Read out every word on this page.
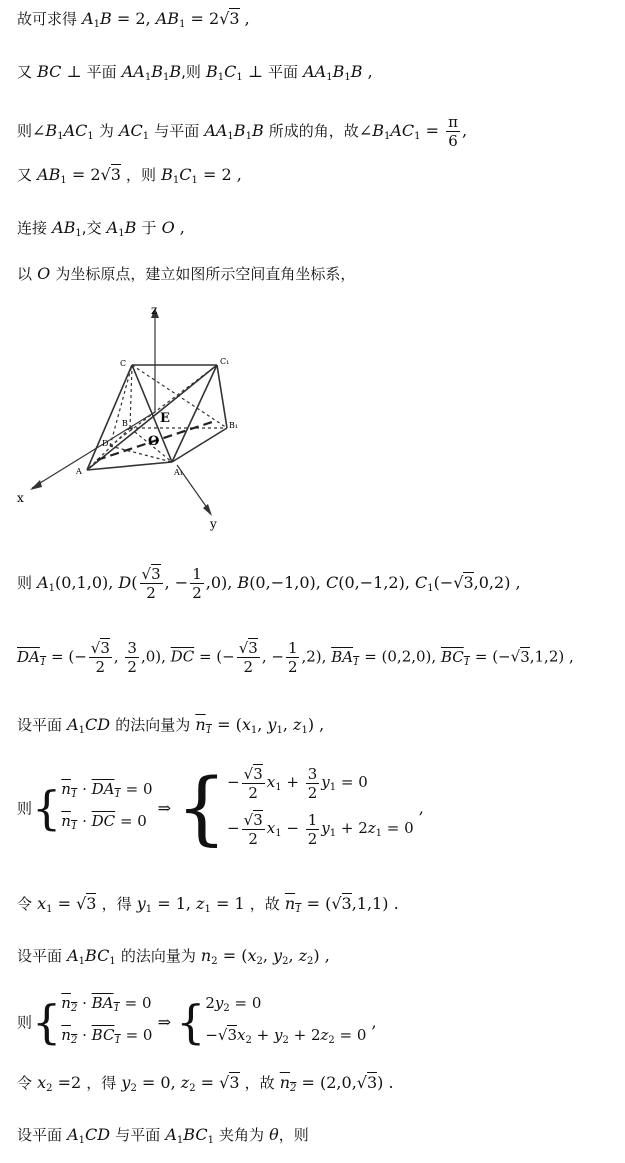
故可求得 $A_1B = 2$, $AB_1 = 2√3$ ,
又 BC ⊥ 平面 $AA_1B_1B$,则 $B_1C_1$ ⊥ 平面 $AA_1B_1B$ ,
则$\angle B_1AC_1$ 为 $AC_1$ 与平面 $AA_1B_1B$ 所成的角，故$\angle B_1AC_1 = \frac{\pi}{6}$ ,
又 $AB_1 = 2√3$ ，则 $B_1C_1 = 2$ ,
连接 $AB_1$,交 $A_1B$ 于 O ,
以 O 为坐标原点，建立如图所示空间直角坐标系，
z
x
y
C	C₁
B₁
B
D
E
O
A	A₁
则 $A_1(0,1,0)$, $D( \frac{√3}{2}$ , − $\frac{1}{2} ,0$), B(0,−1,0), C(0,−1,2), $C_1(-√3,0,2)$ ,
$DA_1$ = (− $\frac{√3}{2}$ , $\frac{3}{2} ,0$), $\overline{DC}$ = (− $\frac{√3}{2}$ , − $\frac{1}{2} ,2$), $BA_1 = (0,2,0)$, $BC_1 = (-√3,1,2)$ ,
设平面 $A_1CD$ 的法向量为 $n_1 = (x_1$, $y_1$, $z_1$) ,
则{$n_1 \cdot DA_1 = 0$
$n_1 \cdot \overline{DC} = 0$ ⇒ {− $\frac{√3}{2} x_1 + \frac{3}{2} y_1 = 0$
− $\frac{√3}{2} x_1 - \frac{1}{2} y_1 + 2z_1 = 0$ ,
令 $x_1 = √3$ ，得 $y_1 = 1$, $z_1 = 1$ ，故 $n_1 = (√3,1,1)$ .
设平面 $A_1BC_1$ 的法向量为 $n_2 = (x_2$, $y_2$, $z_2$) ,
则{$n_2 \cdot BA_1 = 0$
$n_2 \cdot BC_1 = 0$ ⇒ {$2y_2 = 0$
$-√3x_2 + y_2 + 2z_2 = 0$ ,
令 $x_2 =2$ ，得 $y_2 = 0$, $z_2 = √3$ ，故 $n_2 = (2,0,√3)$ .
设平面 $A_1CD$ 与平面 $A_1BC_1$ 夹角为 θ，则
